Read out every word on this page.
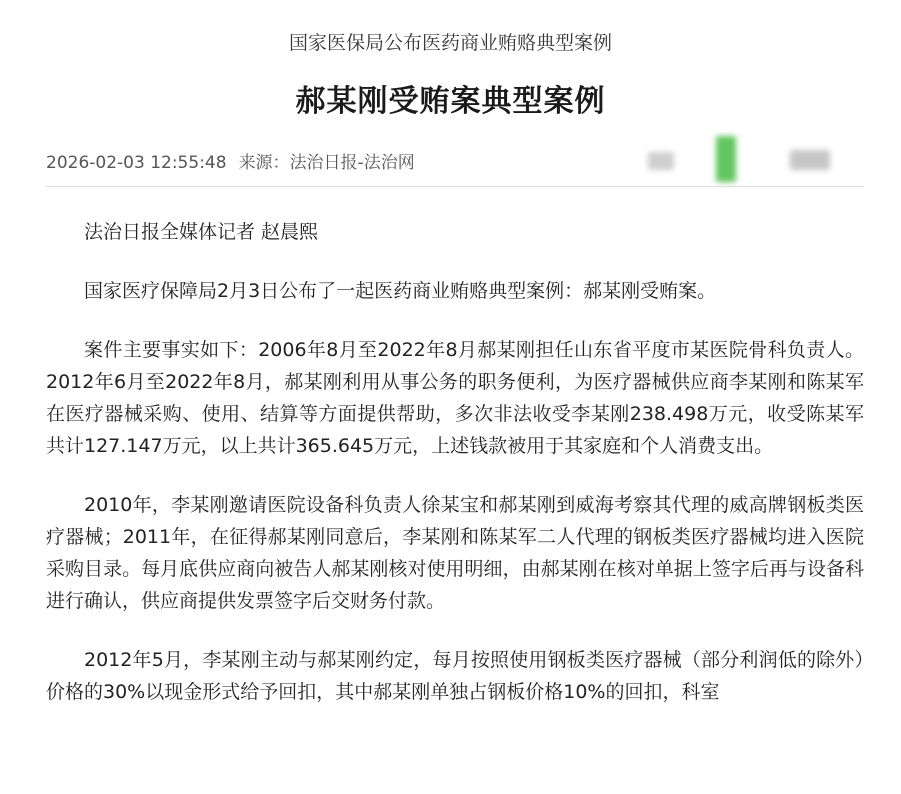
国家医保局公布医药商业贿赂典型案例
郝某刚受贿案典型案例
2026-02-03 12:55:48 来源：法治日报-法治网

法治日报全媒体记者 赵晨熙

国家医疗保障局2月3日公布了一起医药商业贿赂典型案例：郝某刚受贿案。

案件主要事实如下：2006年8月至2022年8月郝某刚担任山东省平度市某医院骨科负责人。2012年6月至2022年8月，郝某刚利用从事公务的职务便利，为医疗器械供应商李某刚和陈某军在医疗器械采购、使用、结算等方面提供帮助，多次非法收受李某刚238.498万元，收受陈某军共计127.147万元，以上共计365.645万元，上述钱款被用于其家庭和个人消费支出。

2010年，李某刚邀请医院设备科负责人徐某宝和郝某刚到威海考察其代理的威高牌钢板类医疗器械；2011年，在征得郝某刚同意后，李某刚和陈某军二人代理的钢板类医疗器械均进入医院采购目录。每月底供应商向被告人郝某刚核对使用明细，由郝某刚在核对单据上签字后再与设备科进行确认，供应商提供发票签字后交财务付款。

2012年5月，李某刚主动与郝某刚约定，每月按照使用钢板类医疗器械（部分利润低的除外）价格的30%以现金形式给予回扣，其中郝某刚单独占钢板价格10%的回扣，科室
